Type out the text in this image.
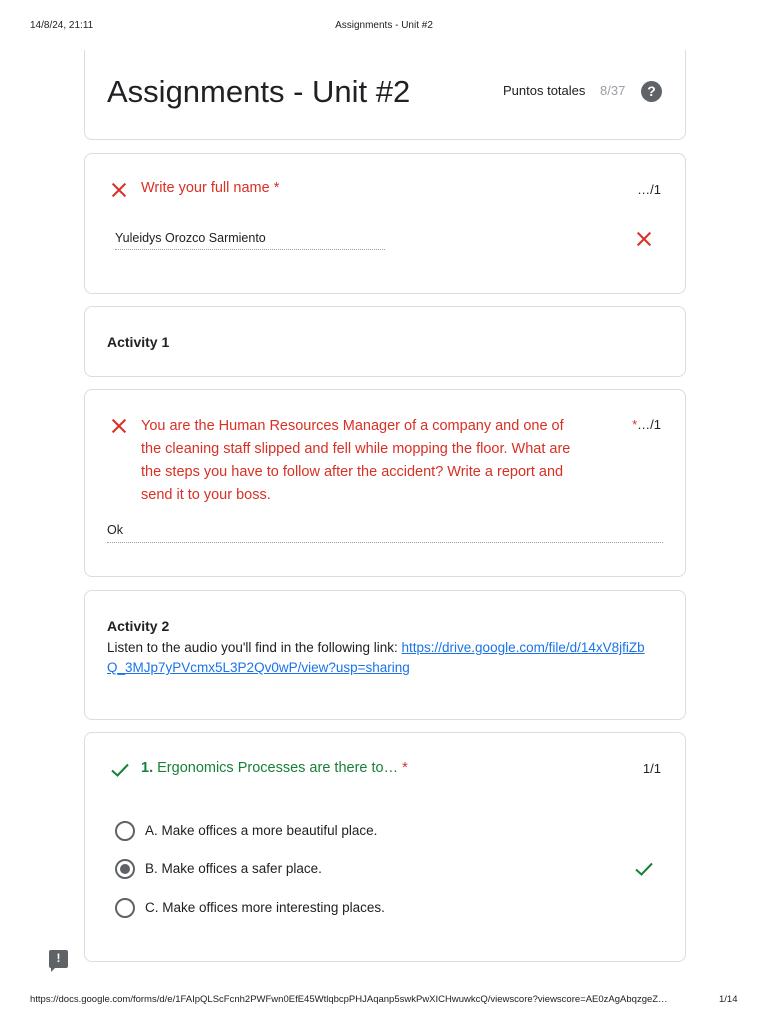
14/8/24, 21:11	Assignments - Unit #2
Assignments - Unit #2	Puntos totales 8/37	?
Write your full name *	…/1
Yuleidys Orozco Sarmiento
Activity 1
You are the Human Resources Manager of a company and one of the cleaning staff slipped and fell while mopping the floor. What are the steps you have to follow after the accident? Write a report and send it to your boss.
*…/1
Ok
Activity 2
Listen to the audio you'll find in the following link: https://drive.google.com/file/d/14xV8jfiZbQ_3MJp7yPVcmx5L3P2Qv0wP/view?usp=sharing
1. Ergonomics Processes are there to… *	1/1
A. Make offices a more beautiful place.
B. Make offices a safer place.
C. Make offices more interesting places.
!
https://docs.google.com/forms/d/e/1FAIpQLScFcnh2PWFwn0EfE45WtlqbcpPHJAqanp5swkPwXICHwuwkcQ/viewscore?viewscore=AE0zAgAbqzgeZ…	1/14
